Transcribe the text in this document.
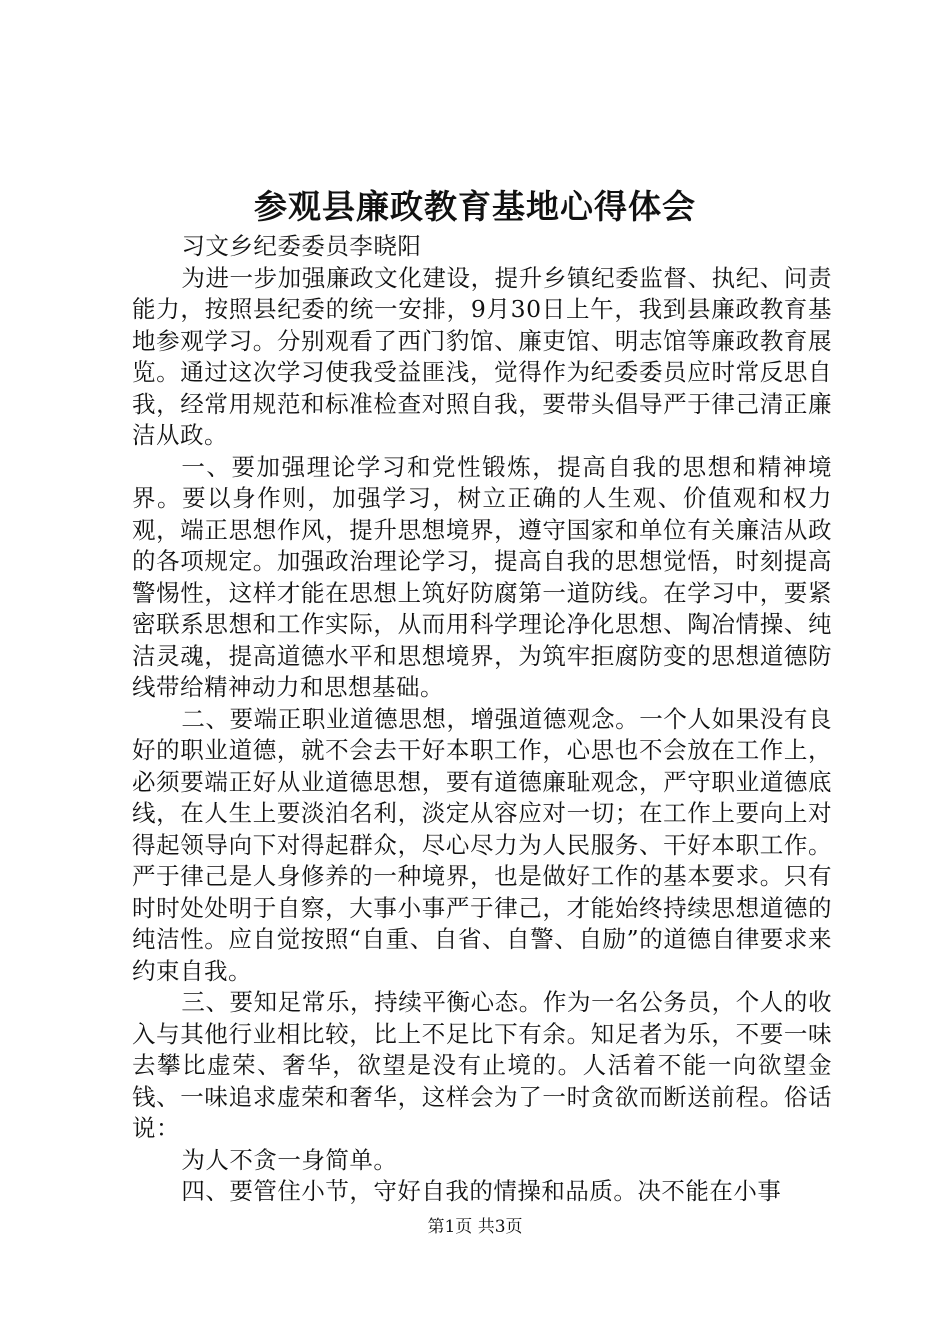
参观县廉政教育基地心得体会

习文乡纪委委员李晓阳

为进一步加强廉政文化建设，提升乡镇纪委监督、执纪、问责能力，按照县纪委的统一安排，9月30日上午，我到县廉政教育基地参观学习。分别观看了西门豹馆、廉吏馆、明志馆等廉政教育展览。通过这次学习使我受益匪浅，觉得作为纪委委员应时常反思自我，经常用规范和标准检查对照自我，要带头倡导严于律己清正廉洁从政。

一、要加强理论学习和党性锻炼，提高自我的思想和精神境界。要以身作则，加强学习，树立正确的人生观、价值观和权力观，端正思想作风，提升思想境界，遵守国家和单位有关廉洁从政的各项规定。加强政治理论学习，提高自我的思想觉悟，时刻提高警惕性，这样才能在思想上筑好防腐第一道防线。在学习中，要紧密联系思想和工作实际，从而用科学理论净化思想、陶冶情操、纯洁灵魂，提高道德水平和思想境界，为筑牢拒腐防变的思想道德防线带给精神动力和思想基础。

二、要端正职业道德思想，增强道德观念。一个人如果没有良好的职业道德，就不会去干好本职工作，心思也不会放在工作上，必须要端正好从业道德思想，要有道德廉耻观念，严守职业道德底线，在人生上要淡泊名利，淡定从容应对一切；在工作上要向上对得起领导向下对得起群众，尽心尽力为人民服务、干好本职工作。严于律己是人身修养的一种境界，也是做好工作的基本要求。只有时时处处明于自察，大事小事严于律己，才能始终持续思想道德的纯洁性。应自觉按照“自重、自省、自警、自励”的道德自律要求来约束自我。

三、要知足常乐，持续平衡心态。作为一名公务员，个人的收入与其他行业相比较，比上不足比下有余。知足者为乐，不要一味去攀比虚荣、奢华，欲望是没有止境的。人活着不能一向欲望金钱、一味追求虚荣和奢华，这样会为了一时贪欲而断送前程。俗话说：

为人不贪一身简单。

四、要管住小节，守好自我的情操和品质。决不能在小事

第1页 共3页
